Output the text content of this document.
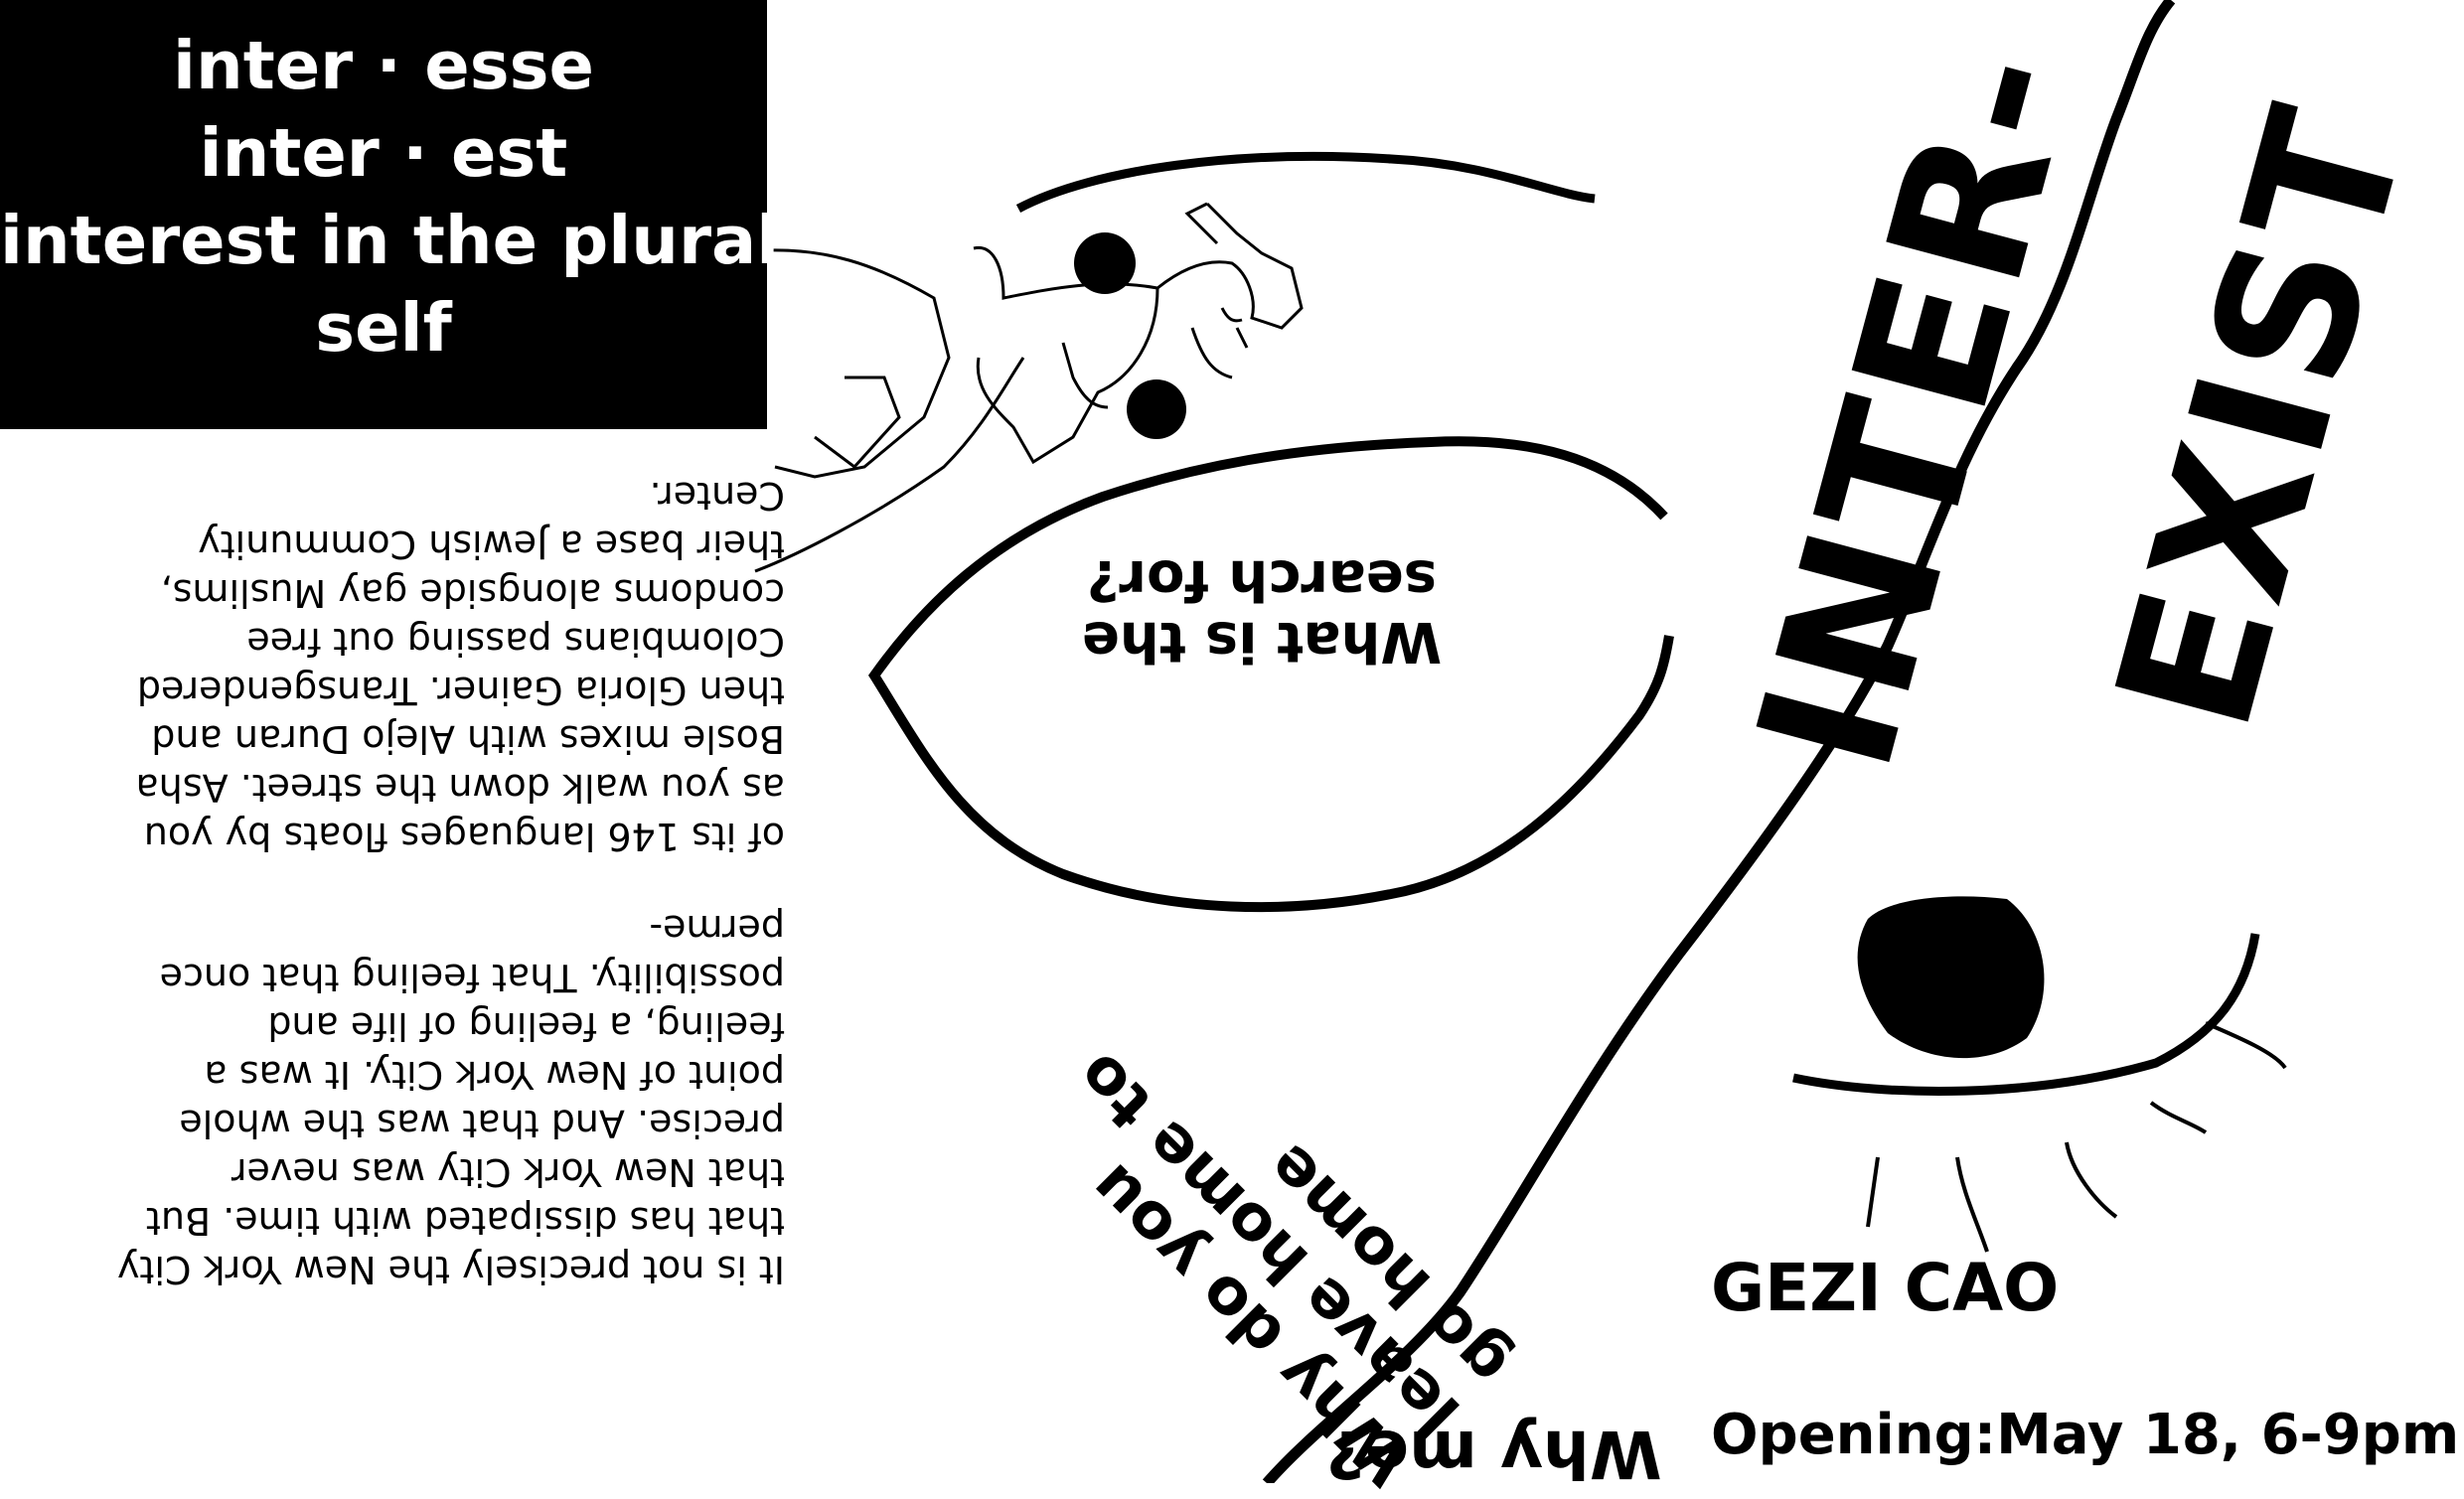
inter · esse
inter · est
interest in the plural
self

It is not precisely the New York City that has dissipated with time. But that New York City was never precise. And that was the whole point of New York City. It was a feeling, a feeling of life and possibility. That feeling that once perme-

of its 146 languages floats by you as you walk down the street. Asha Bosle mixes with Alejo Duran and then Gloria Gainer. Transgendered Colombians passing out free condoms alongside gay Muslims, their base a Jewish Community Center.

What is the search for?
Why do you leave home to go home
Why me?
INTER-
EXIST
GEZI CAO
Opening:May 18, 6-9pm
